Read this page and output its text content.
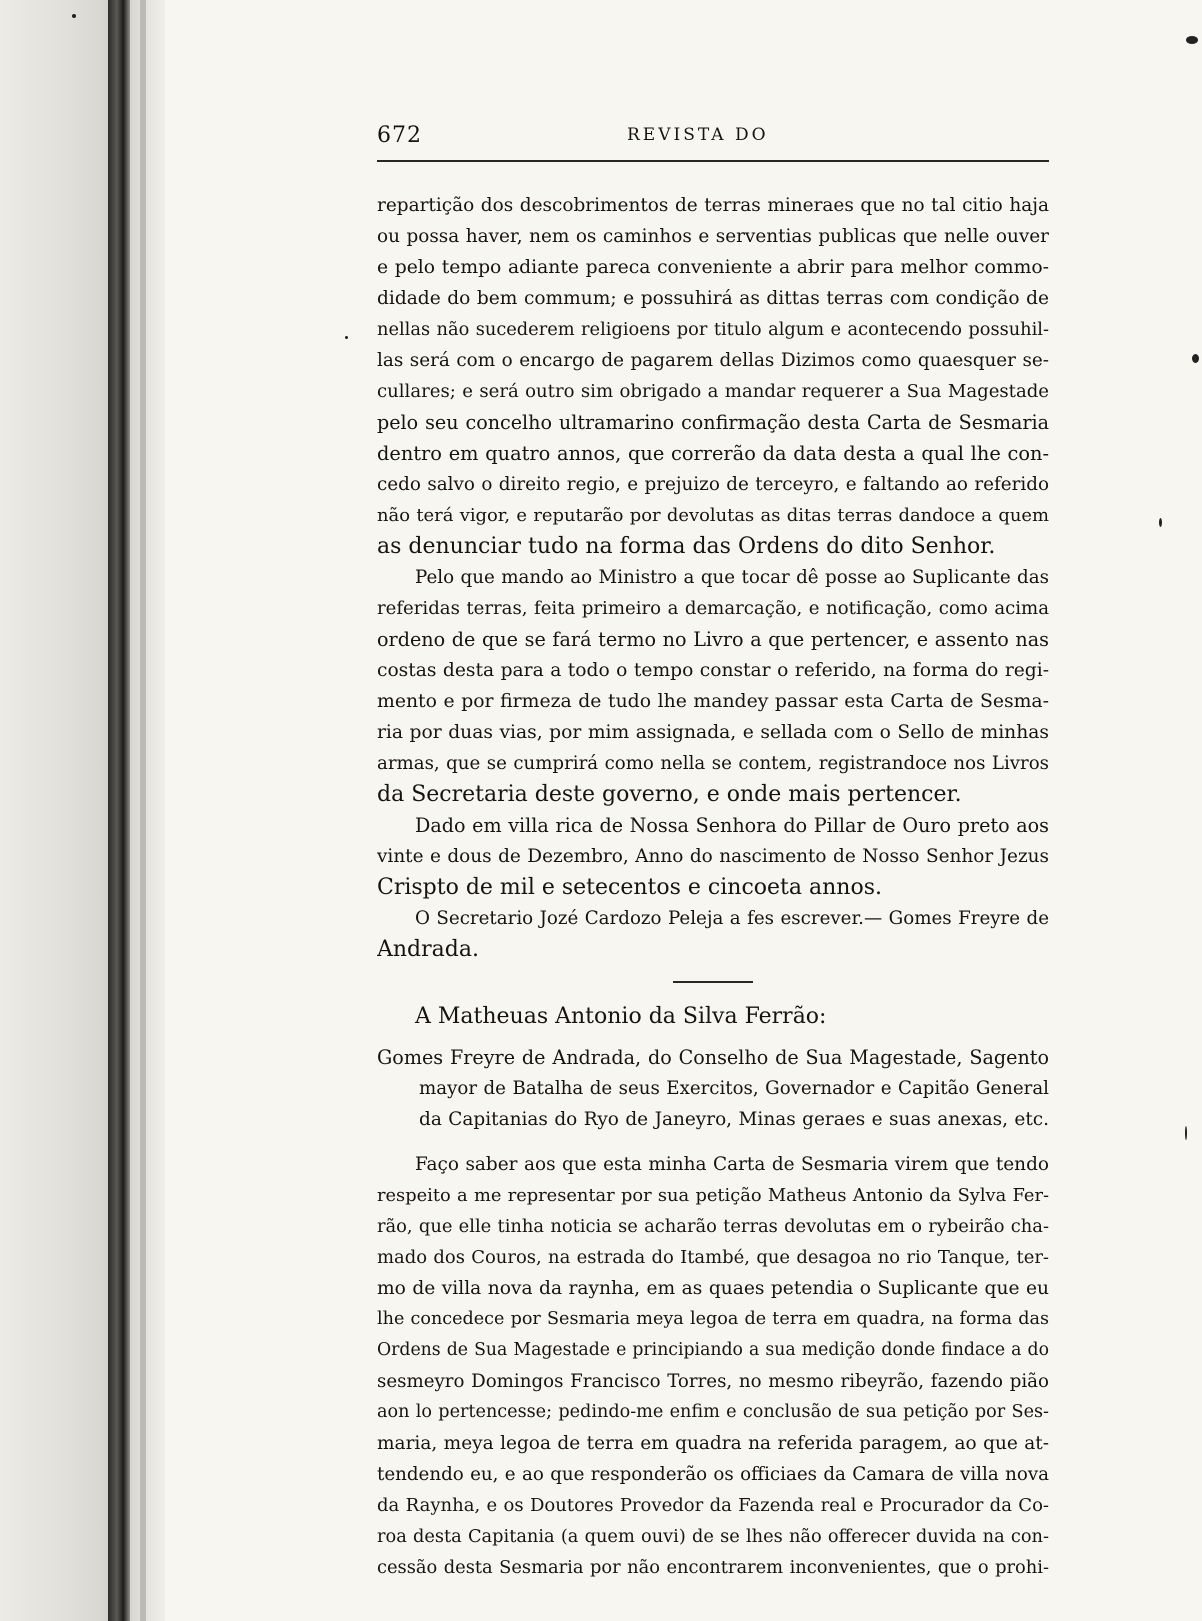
672	REVISTA DO
repartição dos descobrimentos de terras mineraes que no tal citio haja
ou possa haver, nem os caminhos e serventias publicas que nelle ouver
e pelo tempo adiante pareca conveniente a abrir para melhor commo-
didade do bem commum; e possuhirá as dittas terras com condição de
nellas não sucederem religioens por titulo algum e acontecendo possuhil-
las será com o encargo de pagarem dellas Dizimos como quaesquer se-
cullares; e será outro sim obrigado a mandar requerer a Sua Magestade
pelo seu concelho ultramarino confirmação desta Carta de Sesmaria
dentro em quatro annos, que correrão da data desta a qual lhe con-
cedo salvo o direito regio, e prejuizo de terceyro, e faltando ao referido
não terá vigor, e reputarão por devolutas as ditas terras dandoce a quem
as denunciar tudo na forma das Ordens do dito Senhor.
Pelo que mando ao Ministro a que tocar dê posse ao Suplicante das
referidas terras, feita primeiro a demarcação, e notificação, como acima
ordeno de que se fará termo no Livro a que pertencer, e assento nas
costas desta para a todo o tempo constar o referido, na forma do regi-
mento e por firmeza de tudo lhe mandey passar esta Carta de Sesma-
ria por duas vias, por mim assignada, e sellada com o Sello de minhas
armas, que se cumprirá como nella se contem, registrandoce nos Livros
da Secretaria deste governo, e onde mais pertencer.
Dado em villa rica de Nossa Senhora do Pillar de Ouro preto aos
vinte e dous de Dezembro, Anno do nascimento de Nosso Senhor Jezus
Crispto de mil e setecentos e cincoeta annos.
O Secretario Jozé Cardozo Peleja a fes escrever.— Gomes Freyre de
Andrada.
A Matheuas Antonio da Silva Ferrão:
Gomes Freyre de Andrada, do Conselho de Sua Magestade, Sagento
mayor de Batalha de seus Exercitos, Governador e Capitão General
da Capitanias do Ryo de Janeyro, Minas geraes e suas anexas, etc.
Faço saber aos que esta minha Carta de Sesmaria virem que tendo
respeito a me representar por sua petição Matheus Antonio da Sylva Fer-
rão, que elle tinha noticia se acharão terras devolutas em o rybeirão cha-
mado dos Couros, na estrada do Itambé, que desagoa no rio Tanque, ter-
mo de villa nova da raynha, em as quaes petendia o Suplicante que eu
lhe concedece por Sesmaria meya legoa de terra em quadra, na forma das
Ordens de Sua Magestade e principiando a sua medição donde findace a do
sesmeyro Domingos Francisco Torres, no mesmo ribeyrão, fazendo pião
aon lo pertencesse; pedindo-me enfim e conclusão de sua petição por Ses-
maria, meya legoa de terra em quadra na referida paragem, ao que at-
tendendo eu, e ao que responderão os officiaes da Camara de villa nova
da Raynha, e os Doutores Provedor da Fazenda real e Procurador da Co-
roa desta Capitania (a quem ouvi) de se lhes não offerecer duvida na con-
cessão desta Sesmaria por não encontrarem inconvenientes, que o prohi-
